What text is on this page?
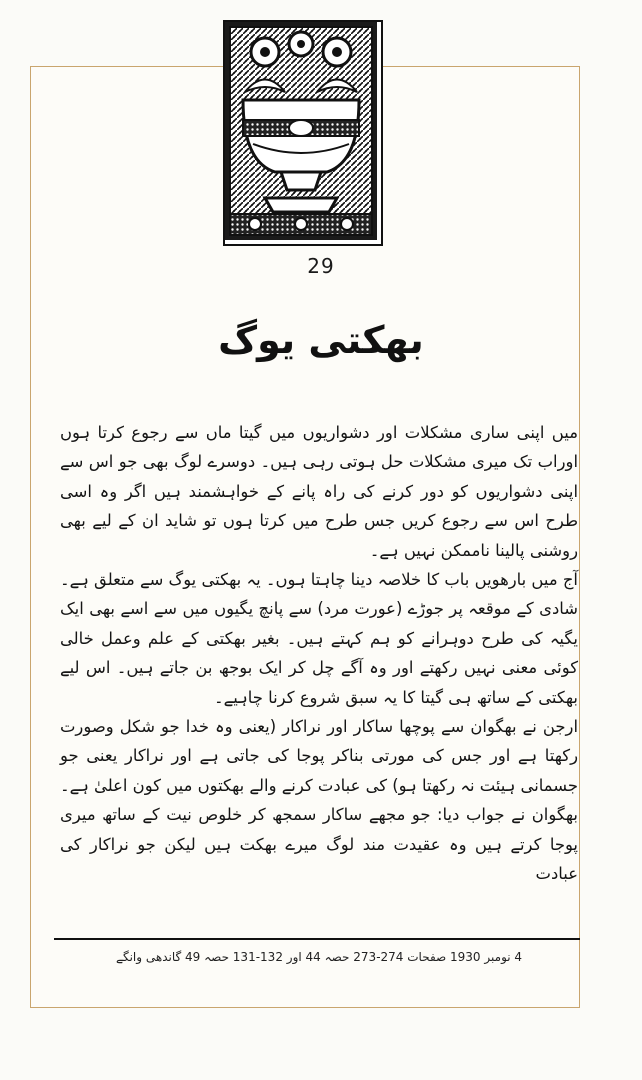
29
بھکتی یوگ

میں اپنی ساری مشکلات اور دشواریوں میں گیتا ماں سے رجوع کرتا ہوں اوراب تک میری مشکلات حل ہوتی رہی ہیں۔ دوسرے لوگ بھی جو اس سے اپنی دشواریوں کو دور کرنے کی راہ پانے کے خواہشمند ہیں اگر وہ اسی طرح اس سے رجوع کریں جس طرح میں کرتا ہوں تو شاید ان کے لیے بھی روشنی پالینا ناممکن نہیں ہے۔

آج میں بارھویں باب کا خلاصہ دینا چاہتا ہوں۔ یہ بھکتی یوگ سے متعلق ہے۔شادی کے موقعہ پر جوڑے (عورت مرد) سے پانچ یگیوں میں سے اسے بھی ایک یگیہ کی طرح دوہرانے کو ہم کہتے ہیں۔ بغیر بھکتی کے علم وعمل خالی کوئی معنی نہیں رکھتے اور وہ آگے چل کر ایک بوجھ بن جاتے ہیں۔ اس لیے بھکتی کے ساتھ ہی گیتا کا یہ سبق شروع کرنا چاہیے۔

ارجن نے بھگوان سے پوچھا ساکار اور نراکار (یعنی وہ خدا جو شکل وصورت رکھتا ہے اور جس کی مورتی بناکر پوجا کی جاتی ہے اور نراکار یعنی جو جسمانی ہیئت نہ رکھتا ہو) کی عبادت کرنے والے بھکتوں میں کون اعلیٰ ہے۔

بھگوان نے جواب دیا: جو مجھے ساکار سمجھ کر خلوص نیت کے ساتھ میری پوجا کرتے ہیں وہ عقیدت مند لوگ میرے بھکت ہیں لیکن جو نراکار کی عبادت

4 نومبر 1930 صفحات 274-273 حصہ 44 اور 132-131 حصہ 49 گاندھی وانگے
